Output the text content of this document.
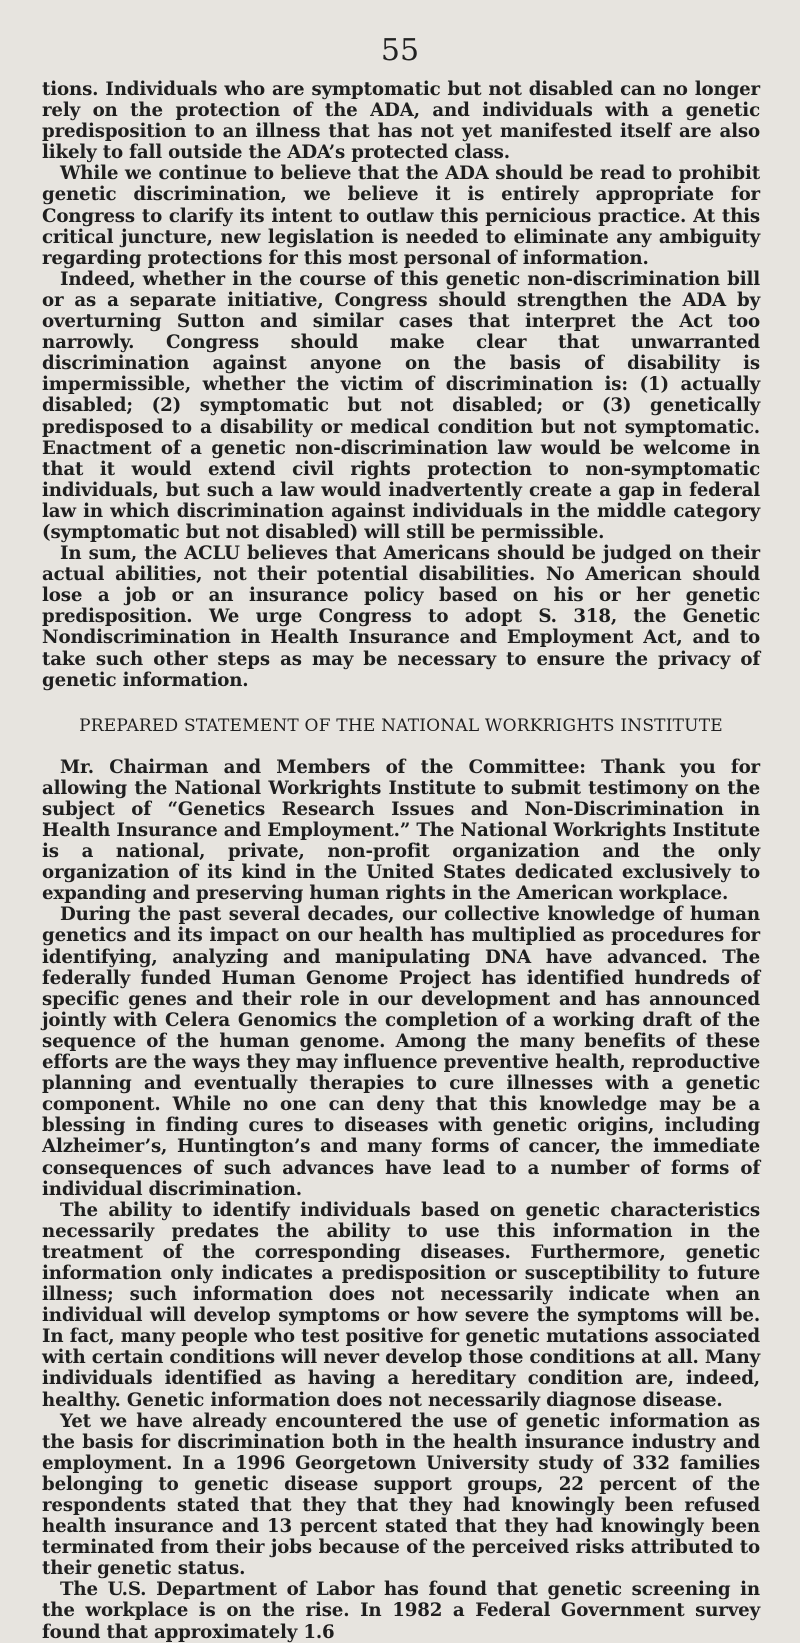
55

tions. Individuals who are symptomatic but not disabled can no longer rely on the protection of the ADA, and individuals with a genetic predisposition to an illness that has not yet manifested itself are also likely to fall outside the ADA’s protected class.

While we continue to believe that the ADA should be read to prohibit genetic discrimination, we believe it is entirely appropriate for Congress to clarify its intent to outlaw this pernicious practice. At this critical juncture, new legislation is needed to eliminate any ambiguity regarding protections for this most personal of information.

Indeed, whether in the course of this genetic non-discrimination bill or as a separate initiative, Congress should strengthen the ADA by overturning Sutton and similar cases that interpret the Act too narrowly. Congress should make clear that unwarranted discrimination against anyone on the basis of disability is impermissible, whether the victim of discrimination is: (1) actually disabled; (2) symptomatic but not disabled; or (3) genetically predisposed to a disability or medical condition but not symptomatic. Enactment of a genetic non-discrimination law would be welcome in that it would extend civil rights protection to non-symptomatic individuals, but such a law would inadvertently create a gap in federal law in which discrimination against individuals in the middle category (symptomatic but not disabled) will still be permissible.

In sum, the ACLU believes that Americans should be judged on their actual abilities, not their potential disabilities. No American should lose a job or an insurance policy based on his or her genetic predisposition. We urge Congress to adopt S. 318, the Genetic Nondiscrimination in Health Insurance and Employment Act, and to take such other steps as may be necessary to ensure the privacy of genetic information.

PREPARED STATEMENT OF THE NATIONAL WORKRIGHTS INSTITUTE

Mr. Chairman and Members of the Committee: Thank you for allowing the National Workrights Institute to submit testimony on the subject of “Genetics Research Issues and Non-Discrimination in Health Insurance and Employment.” The National Workrights Institute is a national, private, non-profit organization and the only organization of its kind in the United States dedicated exclusively to expanding and preserving human rights in the American workplace.

During the past several decades, our collective knowledge of human genetics and its impact on our health has multiplied as procedures for identifying, analyzing and manipulating DNA have advanced. The federally funded Human Genome Project has identified hundreds of specific genes and their role in our development and has announced jointly with Celera Genomics the completion of a working draft of the sequence of the human genome. Among the many benefits of these efforts are the ways they may influence preventive health, reproductive planning and eventually therapies to cure illnesses with a genetic component. While no one can deny that this knowledge may be a blessing in finding cures to diseases with genetic origins, including Alzheimer’s, Huntington’s and many forms of cancer, the immediate consequences of such advances have lead to a number of forms of individual discrimination.

The ability to identify individuals based on genetic characteristics necessarily predates the ability to use this information in the treatment of the corresponding diseases. Furthermore, genetic information only indicates a predisposition or susceptibility to future illness; such information does not necessarily indicate when an individual will develop symptoms or how severe the symptoms will be. In fact, many people who test positive for genetic mutations associated with certain conditions will never develop those conditions at all. Many individuals identified as having a hereditary condition are, indeed, healthy. Genetic information does not necessarily diagnose disease.

Yet we have already encountered the use of genetic information as the basis for discrimination both in the health insurance industry and employment. In a 1996 Georgetown University study of 332 families belonging to genetic disease support groups, 22 percent of the respondents stated that they that they had knowingly been refused health insurance and 13 percent stated that they had knowingly been terminated from their jobs because of the perceived risks attributed to their genetic status.

The U.S. Department of Labor has found that genetic screening in the workplace is on the rise. In 1982 a Federal Government survey found that approximately 1.6
